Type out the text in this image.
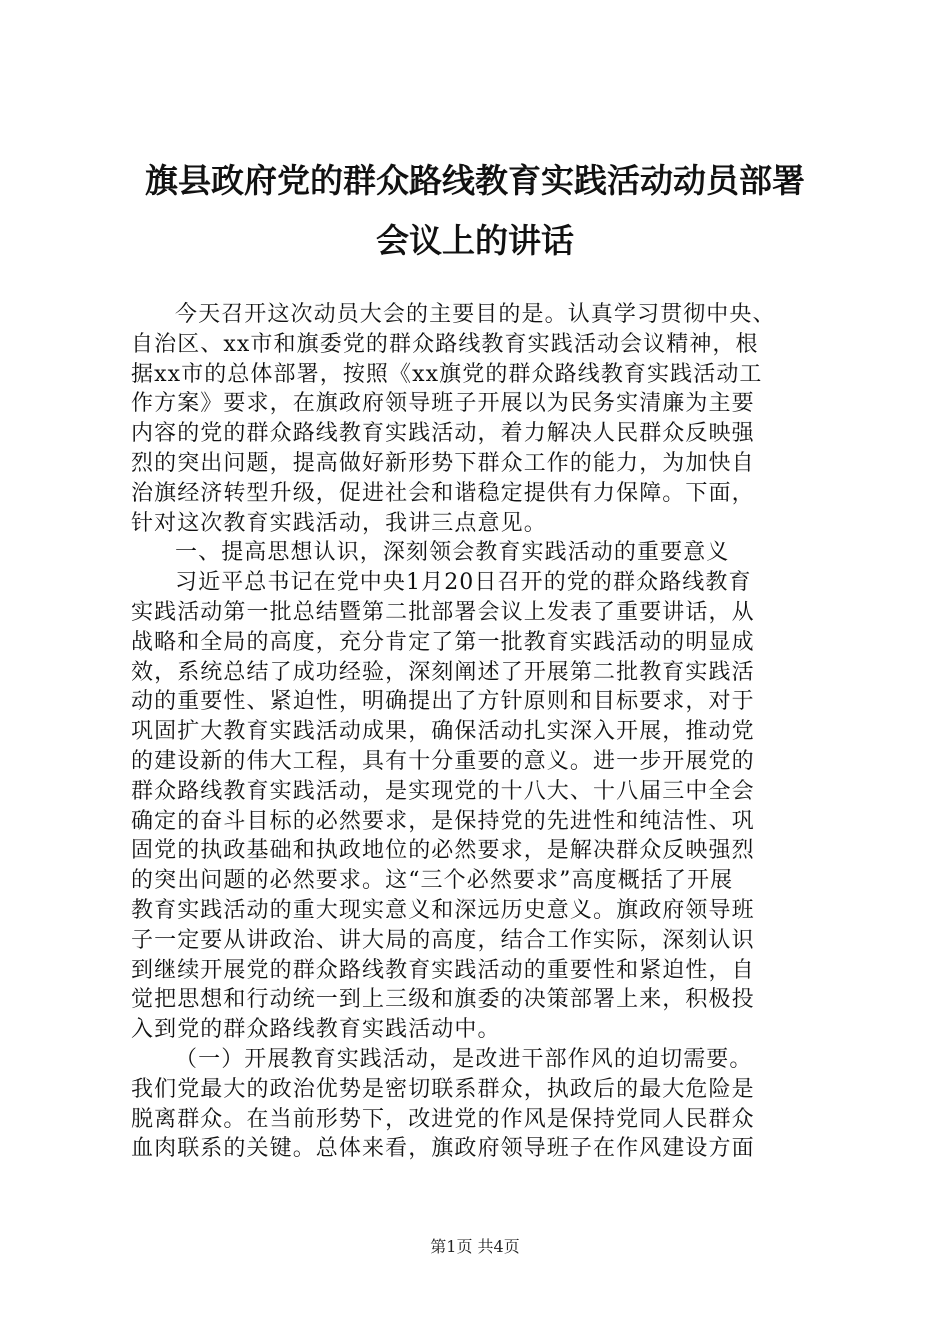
旗县政府党的群众路线教育实践活动动员部署
会议上的讲话
今天召开这次动员大会的主要目的是。认真学习贯彻中央、
自治区、xx市和旗委党的群众路线教育实践活动会议精神，根
据xx市的总体部署，按照《xx旗党的群众路线教育实践活动工
作方案》要求，在旗政府领导班子开展以为民务实清廉为主要
内容的党的群众路线教育实践活动，着力解决人民群众反映强
烈的突出问题，提高做好新形势下群众工作的能力，为加快自
治旗经济转型升级，促进社会和谐稳定提供有力保障。下面，
针对这次教育实践活动，我讲三点意见。
一、提高思想认识，深刻领会教育实践活动的重要意义
习近平总书记在党中央1月20日召开的党的群众路线教育
实践活动第一批总结暨第二批部署会议上发表了重要讲话，从
战略和全局的高度，充分肯定了第一批教育实践活动的明显成
效，系统总结了成功经验，深刻阐述了开展第二批教育实践活
动的重要性、紧迫性，明确提出了方针原则和目标要求，对于
巩固扩大教育实践活动成果，确保活动扎实深入开展，推动党
的建设新的伟大工程，具有十分重要的意义。进一步开展党的
群众路线教育实践活动，是实现党的十八大、十八届三中全会
确定的奋斗目标的必然要求，是保持党的先进性和纯洁性、巩
固党的执政基础和执政地位的必然要求，是解决群众反映强烈
的突出问题的必然要求。这“三个必然要求”高度概括了开展
教育实践活动的重大现实意义和深远历史意义。旗政府领导班
子一定要从讲政治、讲大局的高度，结合工作实际，深刻认识
到继续开展党的群众路线教育实践活动的重要性和紧迫性，自
觉把思想和行动统一到上三级和旗委的决策部署上来，积极投
入到党的群众路线教育实践活动中。
（一）开展教育实践活动，是改进干部作风的迫切需要。
我们党最大的政治优势是密切联系群众，执政后的最大危险是
脱离群众。在当前形势下，改进党的作风是保持党同人民群众
血肉联系的关键。总体来看，旗政府领导班子在作风建设方面
第1页 共4页
